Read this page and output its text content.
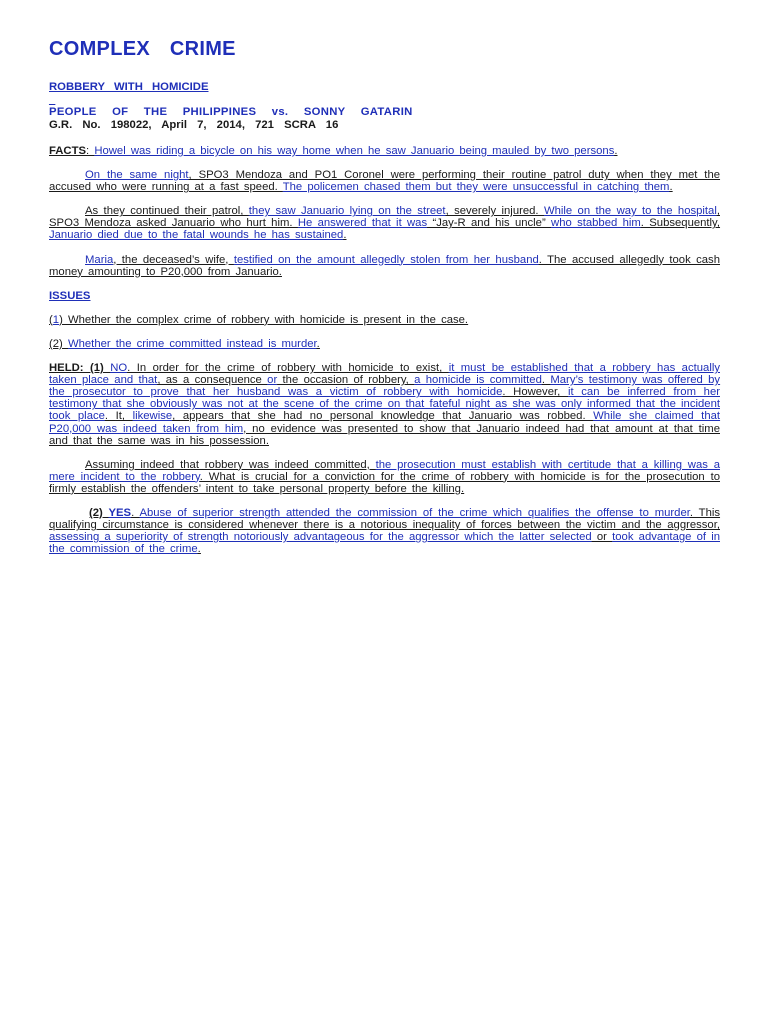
COMPLEX CRIME

ROBBERY WITH HOMICIDE

_

PEOPLE OF THE PHILIPPINES vs. SONNY GATARIN

G.R. No. 198022, April 7, 2014, 721 SCRA 16

FACTS: Howel was riding a bicycle on his way home when he saw Januario being mauled by two persons.

On the same night, SPO3 Mendoza and PO1 Coronel were performing their routine patrol duty when they met the accused who were running at a fast speed. The policemen chased them but they were unsuccessful in catching them.

As they continued their patrol, they saw Januario lying on the street, severely injured. While on the way to the hospital, SPO3 Mendoza asked Januario who hurt him. He answered that it was “Jay-R and his uncle” who stabbed him. Subsequently, Januario died due to the fatal wounds he has sustained.

Maria, the deceased’s wife, testified on the amount allegedly stolen from her husband. The accused allegedly took cash money amounting to P20,000 from Januario.

ISSUES

(1) Whether the complex crime of robbery with homicide is present in the case.

(2) Whether the crime committed instead is murder.

HELD: (1) NO. In order for the crime of robbery with homicide to exist, it must be established that a robbery has actually taken place and that, as a consequence or the occasion of robbery, a homicide is committed. Mary’s testimony was offered by the prosecutor to prove that her husband was a victim of robbery with homicide. However, it can be inferred from her testimony that she obviously was not at the scene of the crime on that fateful night as she was only informed that the incident took place. It, likewise, appears that she had no personal knowledge that Januario was robbed. While she claimed that P20,000 was indeed taken from him, no evidence was presented to show that Januario indeed had that amount at that time and that the same was in his possession.

Assuming indeed that robbery was indeed committed, the prosecution must establish with certitude that a killing was a mere incident to the robbery. What is crucial for a conviction for the crime of robbery with homicide is for the prosecution to firmly establish the offenders’ intent to take personal property before the killing.

(2) YES. Abuse of superior strength attended the commission of the crime which qualifies the offense to murder. This qualifying circumstance is considered whenever there is a notorious inequality of forces between the victim and the aggressor, assessing a superiority of strength notoriously advantageous for the aggressor which the latter selected or took advantage of in the commission of the crime.
